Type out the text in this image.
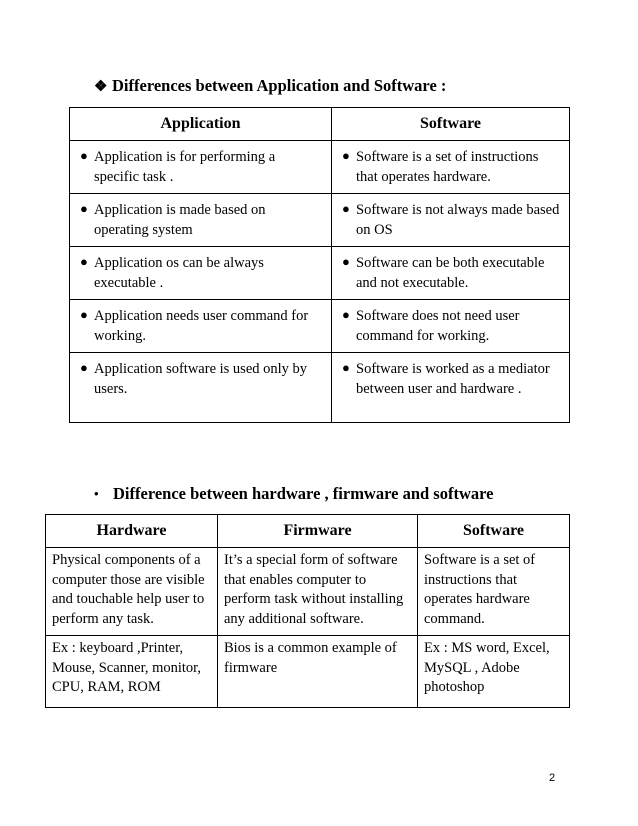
❖ Differences between Application and Software :
Application	Software

● Application is for performing a specific task .	● Software is a set of instructions that operates hardware.

● Application is made based on operating system	● Software is not always made based on OS

● Application os can be always executable .	● Software can be both executable and not executable.

● Application needs user command for working.	● Software does not need user command for working.

● Application software is used only by users.	● Software is worked as a mediator between user and hardware .
• Difference between hardware , firmware and software
Hardware	Firmware	Software
Physical components of a computer those are visible and touchable help user to perform any task.	It’s a special form of software that enables computer to perform task without installing any additional software.	Software is a set of instructions that operates hardware command.
Ex : keyboard ,Printer, Mouse, Scanner, monitor, CPU, RAM, ROM	Bios is a common example of firmware	Ex : MS word, Excel, MySQL , Adobe photoshop
2
